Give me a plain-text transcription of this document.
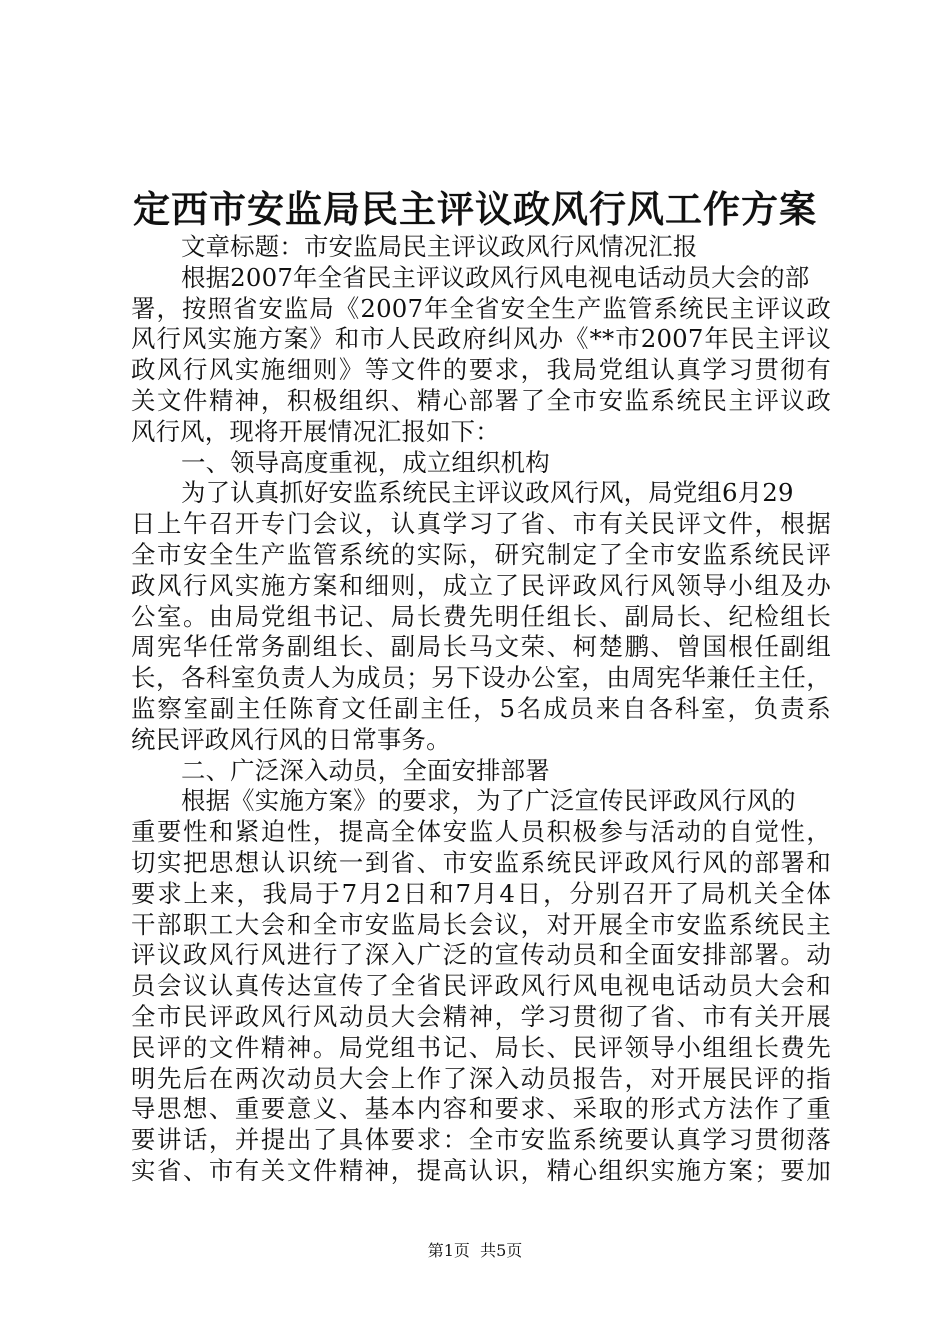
定西市安监局民主评议政风行风工作方案
文章标题：市安监局民主评议政风行风情况汇报
根据2007年全省民主评议政风行风电视电话动员大会的部
署，按照省安监局《2007年全省安全生产监管系统民主评议政
风行风实施方案》和市人民政府纠风办《**市2007年民主评议
政风行风实施细则》等文件的要求，我局党组认真学习贯彻有
关文件精神，积极组织、精心部署了全市安监系统民主评议政
风行风，现将开展情况汇报如下：
一、领导高度重视，成立组织机构
为了认真抓好安监系统民主评议政风行风，局党组6月29
日上午召开专门会议，认真学习了省、市有关民评文件，根据
全市安全生产监管系统的实际，研究制定了全市安监系统民评
政风行风实施方案和细则，成立了民评政风行风领导小组及办
公室。由局党组书记、局长费先明任组长、副局长、纪检组长
周宪华任常务副组长、副局长马文荣、柯楚鹏、曾国根任副组
长，各科室负责人为成员；另下设办公室，由周宪华兼任主任，
监察室副主任陈育文任副主任，5名成员来自各科室，负责系
统民评政风行风的日常事务。
二、广泛深入动员，全面安排部署
根据《实施方案》的要求，为了广泛宣传民评政风行风的
重要性和紧迫性，提高全体安监人员积极参与活动的自觉性，
切实把思想认识统一到省、市安监系统民评政风行风的部署和
要求上来，我局于7月2日和7月4日，分别召开了局机关全体
干部职工大会和全市安监局长会议，对开展全市安监系统民主
评议政风行风进行了深入广泛的宣传动员和全面安排部署。动
员会议认真传达宣传了全省民评政风行风电视电话动员大会和
全市民评政风行风动员大会精神，学习贯彻了省、市有关开展
民评的文件精神。局党组书记、局长、民评领导小组组长费先
明先后在两次动员大会上作了深入动员报告，对开展民评的指
导思想、重要意义、基本内容和要求、采取的形式方法作了重
要讲话，并提出了具体要求：全市安监系统要认真学习贯彻落
实省、市有关文件精神，提高认识，精心组织实施方案；要加
第1页 共5页
